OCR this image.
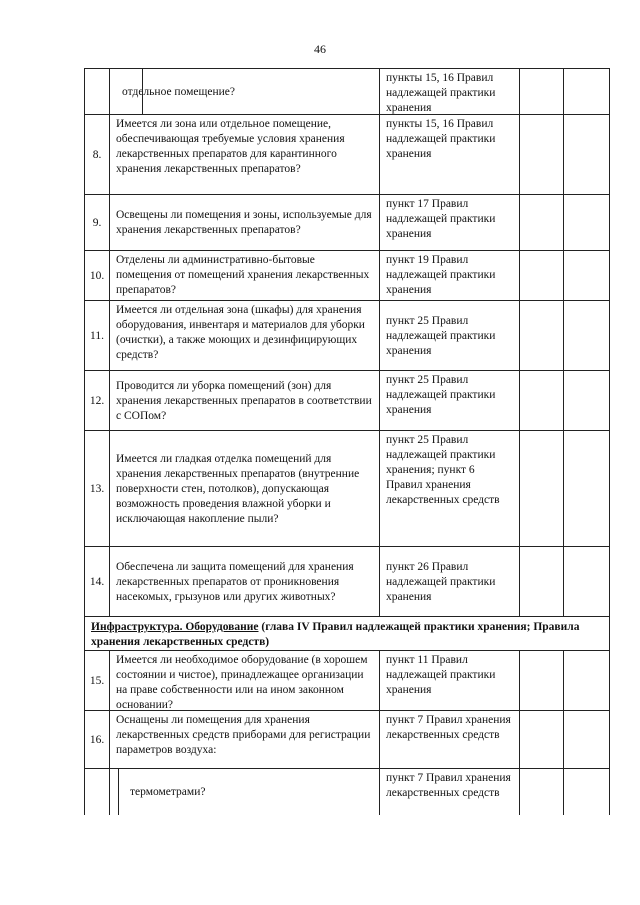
46
отдельное помещение?
пункты 15, 16 Правил надлежащей практики хранения
8.
Имеется ли зона или отдельное помещение, обеспечивающая требуемые условия хранения лекарственных препаратов для карантинного хранения лекарственных препаратов?
пункты 15, 16 Правил надлежащей практики хранения
9.
Освещены ли помещения и зоны, используемые для хранения лекарственных препаратов?
пункт 17 Правил надлежащей практики хранения
10.
Отделены ли административно-бытовые помещения от помещений хранения лекарственных препаратов?
пункт 19 Правил надлежащей практики хранения
11.
Имеется ли отдельная зона (шкафы) для хранения оборудования, инвентаря и материалов для уборки (очистки), а также моющих и дезинфицирующих средств?
пункт 25 Правил надлежащей практики хранения
12.
Проводится ли уборка помещений (зон) для хранения лекарственных препаратов в соответствии с СОПом?
пункт 25 Правил надлежащей практики хранения
13.
Имеется ли гладкая отделка помещений для хранения лекарственных препаратов (внутренние поверхности стен, потолков), допускающая возможность проведения влажной уборки и исключающая накопление пыли?
пункт 25 Правил надлежащей практики хранения; пункт 6 Правил хранения лекарственных средств
14.
Обеспечена ли защита помещений для хранения лекарственных препаратов от проникновения насекомых, грызунов или других животных?
пункт 26 Правил надлежащей практики хранения
Инфраструктура. Оборудование (глава IV Правил надлежащей практики хранения; Правила хранения лекарственных средств)
15.
Имеется ли необходимое оборудование (в хорошем состоянии и чистое), принадлежащее организации на праве собственности или на ином законном основании?
пункт 11 Правил надлежащей практики хранения
16.
Оснащены ли помещения для хранения лекарственных средств приборами для регистрации параметров воздуха:
пункт 7 Правил хранения лекарственных средств
термометрами?
пункт 7 Правил хранения лекарственных средств
